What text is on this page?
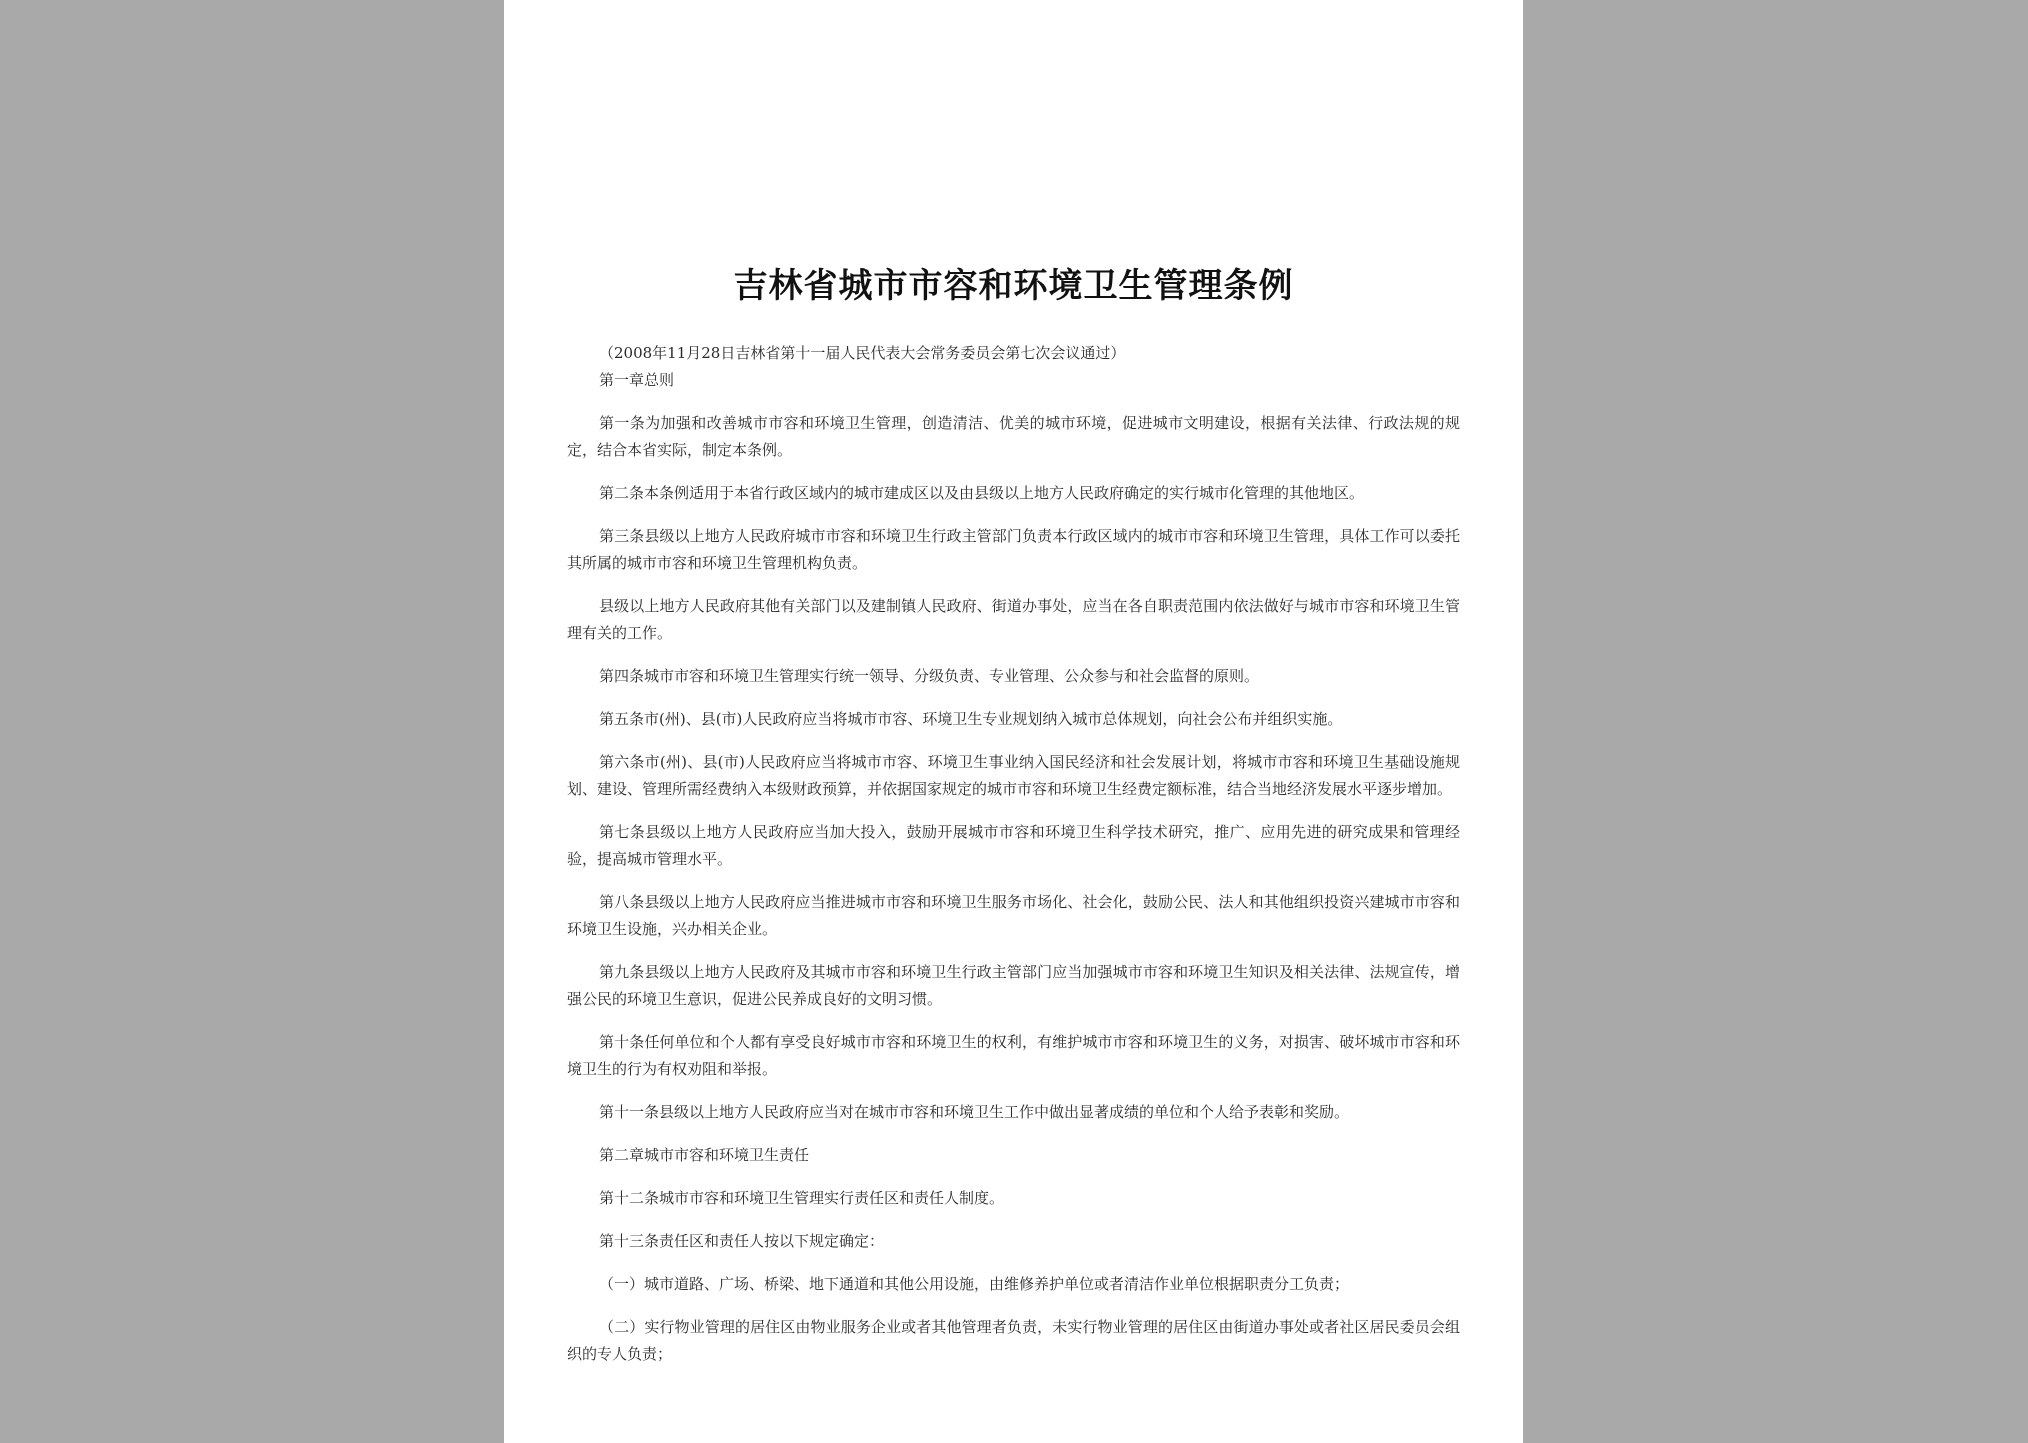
吉林省城市市容和环境卫生管理条例

（2008年11月28日吉林省第十一届人民代表大会常务委员会第七次会议通过）

第一章总则

第一条为加强和改善城市市容和环境卫生管理，创造清洁、优美的城市环境，促进城市文明建设，根据有关法律、行政法规的规定，结合本省实际，制定本条例。

第二条本条例适用于本省行政区域内的城市建成区以及由县级以上地方人民政府确定的实行城市化管理的其他地区。

第三条县级以上地方人民政府城市市容和环境卫生行政主管部门负责本行政区域内的城市市容和环境卫生管理，具体工作可以委托其所属的城市市容和环境卫生管理机构负责。

县级以上地方人民政府其他有关部门以及建制镇人民政府、街道办事处，应当在各自职责范围内依法做好与城市市容和环境卫生管理有关的工作。

第四条城市市容和环境卫生管理实行统一领导、分级负责、专业管理、公众参与和社会监督的原则。

第五条市(州)、县(市)人民政府应当将城市市容、环境卫生专业规划纳入城市总体规划，向社会公布并组织实施。

第六条市(州)、县(市)人民政府应当将城市市容、环境卫生事业纳入国民经济和社会发展计划，将城市市容和环境卫生基础设施规划、建设、管理所需经费纳入本级财政预算，并依据国家规定的城市市容和环境卫生经费定额标准，结合当地经济发展水平逐步增加。

第七条县级以上地方人民政府应当加大投入，鼓励开展城市市容和环境卫生科学技术研究，推广、应用先进的研究成果和管理经验，提高城市管理水平。

第八条县级以上地方人民政府应当推进城市市容和环境卫生服务市场化、社会化，鼓励公民、法人和其他组织投资兴建城市市容和环境卫生设施，兴办相关企业。

第九条县级以上地方人民政府及其城市市容和环境卫生行政主管部门应当加强城市市容和环境卫生知识及相关法律、法规宣传，增强公民的环境卫生意识，促进公民养成良好的文明习惯。

第十条任何单位和个人都有享受良好城市市容和环境卫生的权利，有维护城市市容和环境卫生的义务，对损害、破坏城市市容和环境卫生的行为有权劝阻和举报。

第十一条县级以上地方人民政府应当对在城市市容和环境卫生工作中做出显著成绩的单位和个人给予表彰和奖励。

第二章城市市容和环境卫生责任

第十二条城市市容和环境卫生管理实行责任区和责任人制度。

第十三条责任区和责任人按以下规定确定：

（一）城市道路、广场、桥梁、地下通道和其他公用设施，由维修养护单位或者清洁作业单位根据职责分工负责；

（二）实行物业管理的居住区由物业服务企业或者其他管理者负责，未实行物业管理的居住区由街道办事处或者社区居民委员会组织的专人负责；
